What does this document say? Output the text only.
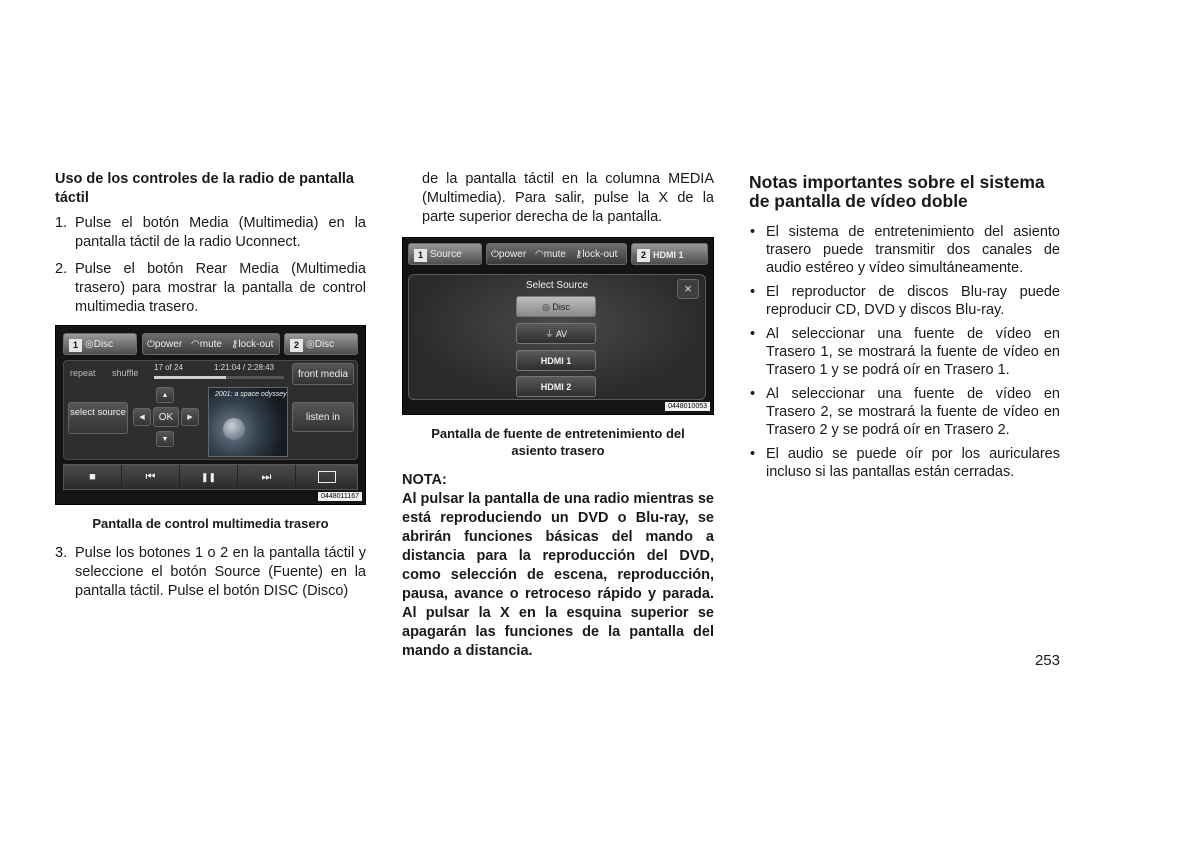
Uso de los controles de la radio de pantalla táctil

1. Pulse el botón Media (Multimedia) en la pantalla táctil de la radio Uconnect.
2. Pulse el botón Rear Media (Multimedia trasero) para mostrar la pantalla de control multimedia trasero.
1 ◎Disc	⏻power ◠mute ⚷lock-out	2 ◎Disc
repeat shuffle
17 of 24	1:21:04 / 2:28:43
front media
select source
▲
◀	OK	▶
▼
2001: a space odyssey
listen in
■	⏮	❚❚	⏭
0448011167

Pantalla de control multimedia trasero

3. Pulse los botones 1 o 2 en la pantalla táctil y seleccione el botón Source (Fuente) en la pantalla táctil. Pulse el botón DISC (Disco)

de la pantalla táctil en la columna MEDIA (Multimedia). Para salir, pulse la X de la parte superior derecha de la pantalla.

1 Source	⏻power ◠mute ⚷lock-out	2 HDMI 1
Select Source	×
◎ Disc
⏚ AV
HDMI 1
HDMI 2
0448010053

Pantalla de fuente de entretenimiento del asiento trasero

NOTA:

Al pulsar la pantalla de una radio mientras se está reproduciendo un DVD o Blu-ray, se abrirán funciones básicas del mando a distancia para la reproducción del DVD, como selección de escena, reproducción, pausa, avance o retroceso rápido y parada. Al pulsar la X en la esquina superior se apagarán las funciones de la pantalla del mando a distancia.

Notas importantes sobre el sistema de pantalla de vídeo doble

• El sistema de entretenimiento del asiento trasero puede transmitir dos canales de audio estéreo y vídeo simultáneamente.
• El reproductor de discos Blu-ray puede reproducir CD, DVD y discos Blu-ray.
• Al seleccionar una fuente de vídeo en Trasero 1, se mostrará la fuente de vídeo en Trasero 1 y se podrá oír en Trasero 1.
• Al seleccionar una fuente de vídeo en Trasero 2, se mostrará la fuente de vídeo en Trasero 2 y se podrá oír en Trasero 2.
• El audio se puede oír por los auriculares incluso si las pantallas están cerradas.
253
